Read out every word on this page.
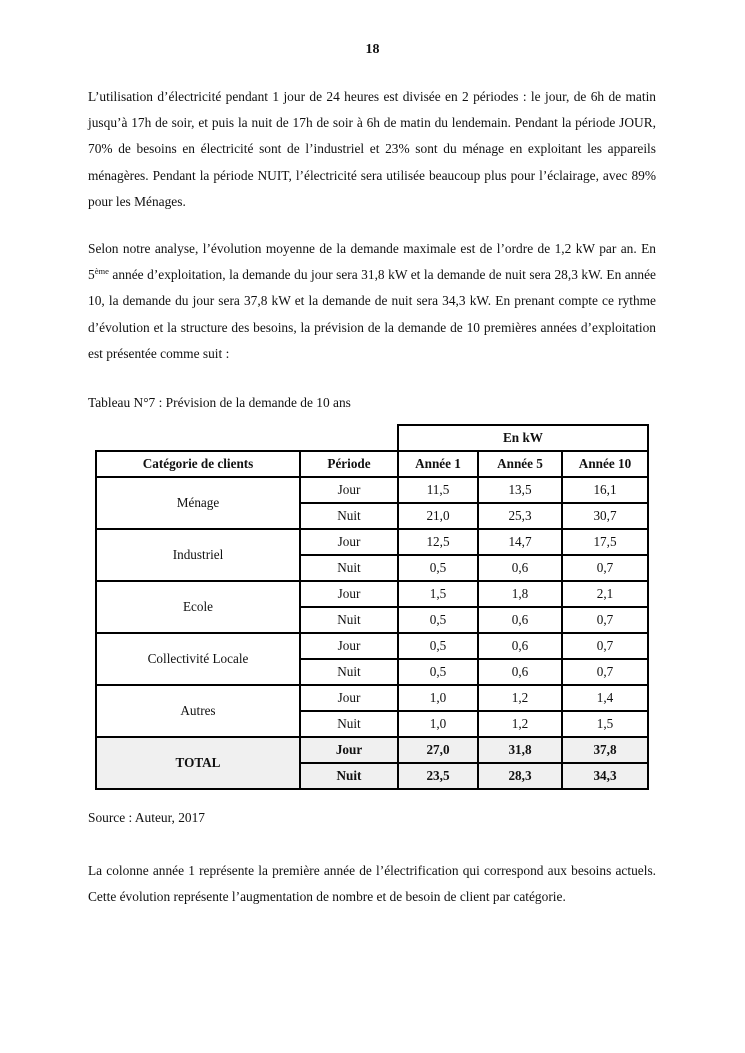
18

L’utilisation d’électricité pendant 1 jour de 24 heures est divisée en 2 périodes : le jour, de 6h de matin jusqu’à 17h de soir, et puis la nuit de 17h de soir à 6h de matin du lendemain. Pendant la période JOUR, 70% de besoins en électricité sont de l’industriel et 23% sont du ménage en exploitant les appareils ménagères. Pendant la période NUIT, l’électricité sera utilisée beaucoup plus pour l’éclairage, avec 89% pour les Ménages.

Selon notre analyse, l’évolution moyenne de la demande maximale est de l’ordre de 1,2 kW par an. En 5ème année d’exploitation, la demande du jour sera 31,8 kW et la demande de nuit sera 28,3 kW. En année 10, la demande du jour sera 37,8 kW et la demande de nuit sera 34,3 kW. En prenant compte ce rythme d’évolution et la structure des besoins, la prévision de la demande de 10 premières années d’exploitation est présentée comme suit :

Tableau N°7 : Prévision de la demande de 10 ans
		En kW		
Catégorie de clients	Période	Année 1	Année 5	Année 10
Ménage	Jour	11,5	13,5	16,1
	Nuit	21,0	25,3	30,7
Industriel	Jour	12,5	14,7	17,5
	Nuit	0,5	0,6	0,7
Ecole	Jour	1,5	1,8	2,1
	Nuit	0,5	0,6	0,7
Collectivité Locale	Jour	0,5	0,6	0,7
	Nuit	0,5	0,6	0,7
Autres	Jour	1,0	1,2	1,4
	Nuit	1,0	1,2	1,5
TOTAL	Jour	27,0	31,8	37,8
	Nuit	23,5	28,3	34,3
Source : Auteur, 2017

La colonne année 1 représente la première année de l’électrification qui correspond aux besoins actuels. Cette évolution représente l’augmentation de nombre et de besoin de client par catégorie.
